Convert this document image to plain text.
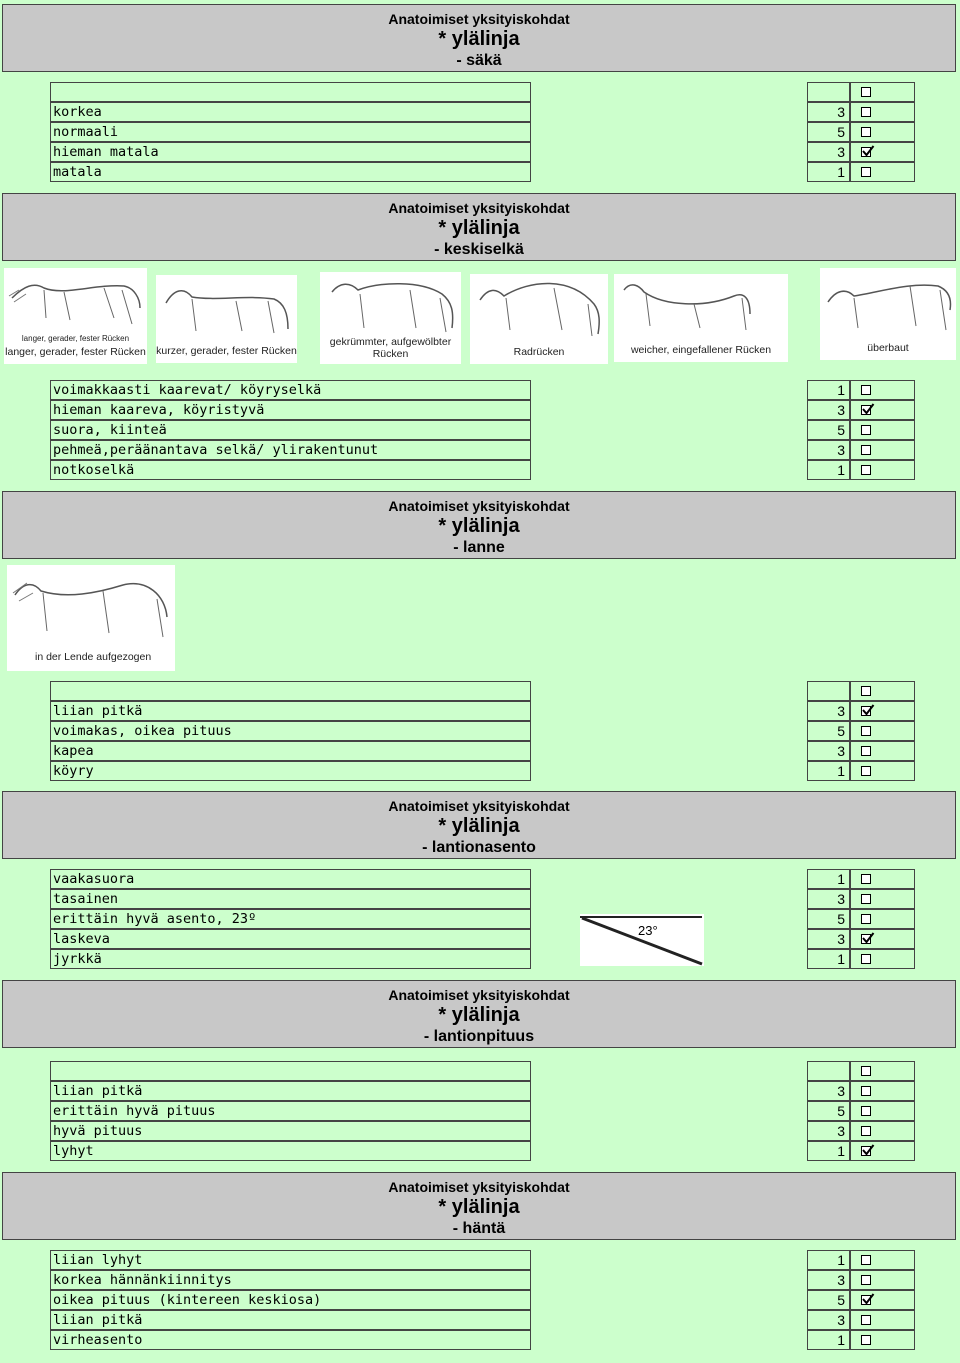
Anatoimiset yksityiskohdat
* ylälinja
- säkä
korkea	3
normaali	5
hieman matala	3
matala	1
Anatoimiset yksityiskohdat
* ylälinja
- keskiselkä
langer, gerader, fester Rücken
langer, gerader, fester Rücken kurzer, gerader, fester Rücken
gekrümmter, aufgewölbter Rücken	Radrücken	weicher, eingefallener Rücken	überbaut
voimakkaasti kaarevat/ köyryselkä	1
hieman kaareva, köyristyvä	3
suora, kiinteä	5
pehmeä,peräänantava selkä/ ylirakentunut	3
notkoselkä	1
Anatoimiset yksityiskohdat
* ylälinja
- lanne
in der Lende aufgezogen
liian pitkä	3
voimakas, oikea pituus	5
kapea	3
köyry	1
Anatoimiset yksityiskohdat
* ylälinja
- lantionasento
vaakasuora	1
tasainen	3
erittäin hyvä asento, 23º	5
laskeva	3
jyrkkä	1
23°
Anatoimiset yksityiskohdat
* ylälinja
- lantionpituus
liian pitkä	3
erittäin hyvä pituus	5
hyvä pituus	3
lyhyt	1
Anatoimiset yksityiskohdat
* ylälinja
- häntä
liian lyhyt	1
korkea hännänkiinnitys	3
oikea pituus (kintereen keskiosa)	5
liian pitkä	3
virheasento	1
